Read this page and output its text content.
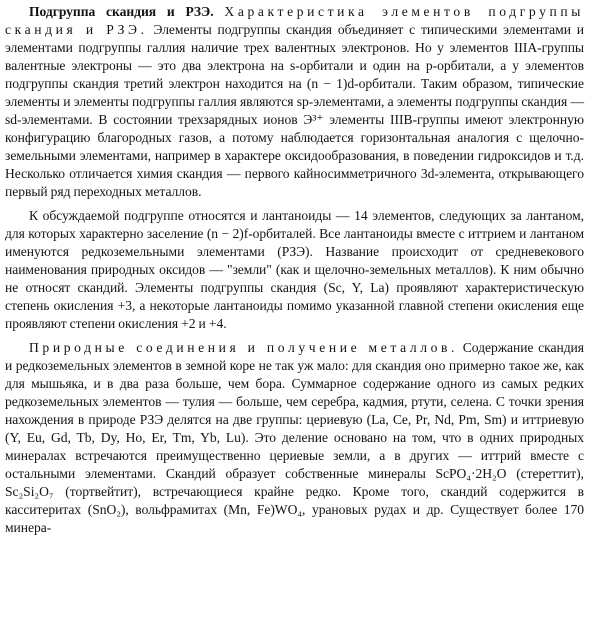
Подгруппа скандия и РЗЭ. Характеристика элементов подгруппы скандия и РЗЭ. Элементы подгруппы скандия объединяет с типическими элементами и элементами подгруппы галлия наличие трех валентных электронов. Но у элементов IIIA-группы валентные электроны — это два электрона на s-орбитали и один на p-орбитали, а у элементов подгруппы скандия третий электрон находится на (n − 1)d-орбитали. Таким образом, типические элементы и элементы подгруппы галлия являются sp-элементами, а элементы подгруппы скандия — sd-элементами. В состоянии трехзарядных ионов Э³⁺ элементы IIIB-группы имеют электронную конфигурацию благородных газов, а потому наблюдается горизонтальная аналогия с щелочно-земельными элементами, например в характере оксидообразования, в поведении гидроксидов и т.д. Несколько отличается химия скандия — первого кайносимметричного 3d-элемента, открывающего первый ряд переходных металлов.

К обсуждаемой подгруппе относятся и лантаноиды — 14 элементов, следующих за лантаном, для которых характерно заселение (n − 2)f-орбиталей. Все лантаноиды вместе с иттрием и лантаном именуются редкоземельными элементами (РЗЭ). Название происходит от средневекового наименования природных оксидов — "земли" (как и щелочно-земельных металлов). К ним обычно не относят скандий. Элементы подгруппы скандия (Sc, Y, La) проявляют характеристическую степень окисления +3, а некоторые лантаноиды помимо указанной главной степени окисления еще проявляют степени окисления +2 и +4.

Природные соединения и получение металлов. Содержание скандия и редкоземельных элементов в земной коре не так уж мало: для скандия оно примерно такое же, как для мышьяка, и в два раза больше, чем бора. Суммарное содержание одного из самых редких редкоземельных элементов — тулия — больше, чем серебра, кадмия, ртути, селена. С точки зрения нахождения в природе РЗЭ делятся на две группы: цериевую (La, Ce, Pr, Nd, Pm, Sm) и иттриевую (Y, Eu, Gd, Tb, Dy, Ho, Er, Tm, Yb, Lu). Это деление основано на том, что в одних природных минералах встречаются преимущественно цериевые земли, а в других — иттрий вместе с остальными элементами. Скандий образует собственные минералы ScPO₄·2H₂O (стереттит), Sc₂Si₂O₇ (тортвейтит), встречающиеся крайне редко. Кроме того, скандий содержится в касситеритах (SnO₂), вольфрамитах (Mn, Fe)WO₄, урановых рудах и др. Существует более 170 минера-
